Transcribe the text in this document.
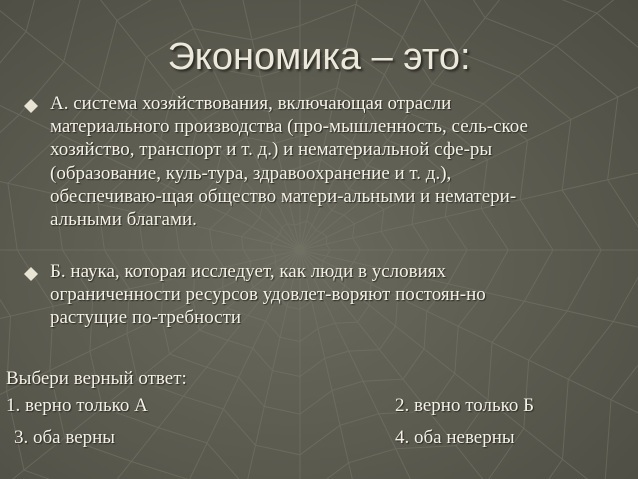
Экономика – это:
А. система хозяйствования, включающая отрасли
материального производства (про-мышленность, сель-ское
хозяйство, транспорт и т. д.) и нематериальной сфе-ры
(образование, куль-тура, здравоохранение и т. д.),
обеспечиваю-щая общество матери-альными и нематери-
альными благами.
Б. наука, которая исследует, как люди в условиях
ограниченности ресурсов удовлет-воряют постоян-но
растущие по-требности
Выбери верный ответ:
1. верно только А	2. верно только Б
3. оба верны	4. оба неверны
